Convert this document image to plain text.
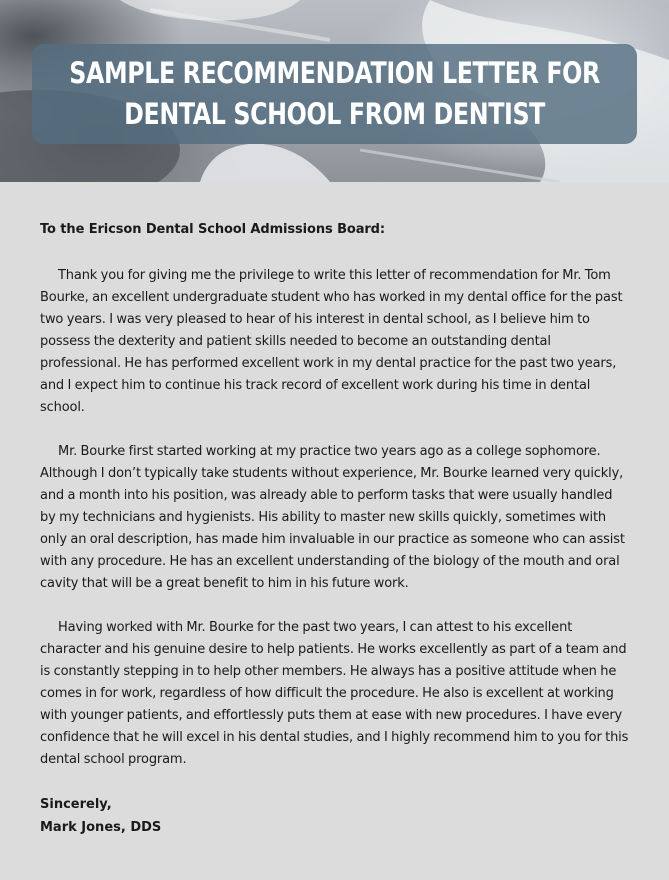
SAMPLE RECOMMENDATION LETTER FOR
DENTAL SCHOOL FROM DENTIST

To the Ericson Dental School Admissions Board:

Thank you for giving me the privilege to write this letter of recommendation for Mr. Tom Bourke, an excellent undergraduate student who has worked in my dental office for the past two years. I was very pleased to hear of his interest in dental school, as I believe him to possess the dexterity and patient skills needed to become an outstanding dental professional. He has performed excellent work in my dental practice for the past two years, and I expect him to continue his track record of excellent work during his time in dental school.

Mr. Bourke first started working at my practice two years ago as a college sophomore. Although I don’t typically take students without experience, Mr. Bourke learned very quickly, and a month into his position, was already able to perform tasks that were usually handled by my technicians and hygienists. His ability to master new skills quickly, sometimes with only an oral description, has made him invaluable in our practice as someone who can assist with any procedure. He has an excellent understanding of the biology of the mouth and oral cavity that will be a great benefit to him in his future work.

Having worked with Mr. Bourke for the past two years, I can attest to his excellent character and his genuine desire to help patients. He works excellently as part of a team and is constantly stepping in to help other members. He always has a positive attitude when he comes in for work, regardless of how difficult the procedure. He also is excellent at working with younger patients, and effortlessly puts them at ease with new procedures. I have every confidence that he will excel in his dental studies, and I highly recommend him to you for this dental school program.

Sincerely,
Mark Jones, DDS
